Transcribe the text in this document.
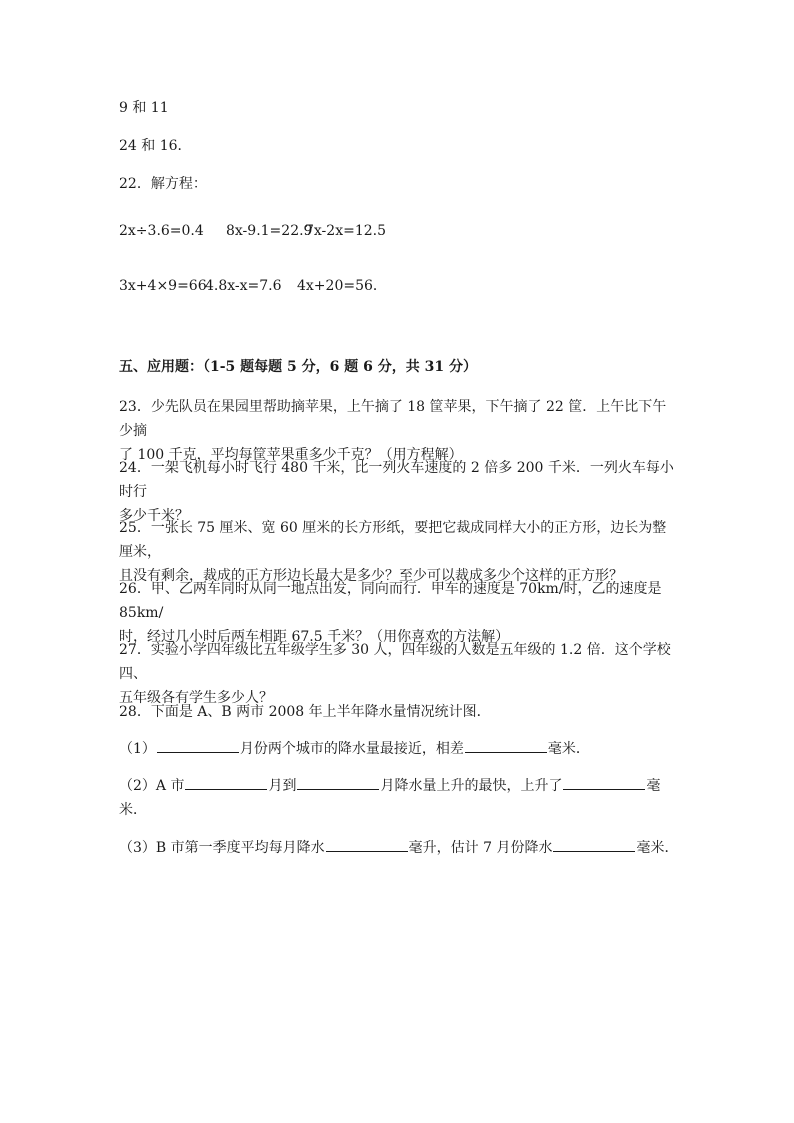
9 和 11
24 和 16．
22．解方程：
2x÷3.6=0.4 8x-9.1=22.97x-2x=12.5
3x+4×9=664.8x-x=7.6 4x+20=56．
五、应用题：（1-5 题每题 5 分，6 题 6 分，共 31 分）
23．少先队员在果园里帮助摘苹果，上午摘了 18 筐苹果，下午摘了 22 筐．上午比下午少摘
了 100 千克，平均每筐苹果重多少千克？（用方程解）
24．一架飞机每小时飞行 480 千米，比一列火车速度的 2 倍多 200 千米．一列火车每小时行
多少千米？
25．一张长 75 厘米、宽 60 厘米的长方形纸，要把它裁成同样大小的正方形，边长为整厘米，
且没有剩余，裁成的正方形边长最大是多少？至少可以裁成多少个这样的正方形？
26．甲、乙两车同时从同一地点出发，同向而行．甲车的速度是 70km/时，乙的速度是 85km/
时，经过几小时后两车相距 67.5 千米？（用你喜欢的方法解）
27．实验小学四年级比五年级学生多 30 人，四年级的人数是五年级的 1.2 倍．这个学校四、
五年级各有学生多少人？
28．下面是 A、B 两市 2008 年上半年降水量情况统计图．
（1）	月份两个城市的降水量最接近，相差	毫米．
（2）A 市	月到	月降水量上升的最快，上升了	毫
米．
（3）B 市第一季度平均每月降水	毫升，估计 7 月份降水	毫米．
